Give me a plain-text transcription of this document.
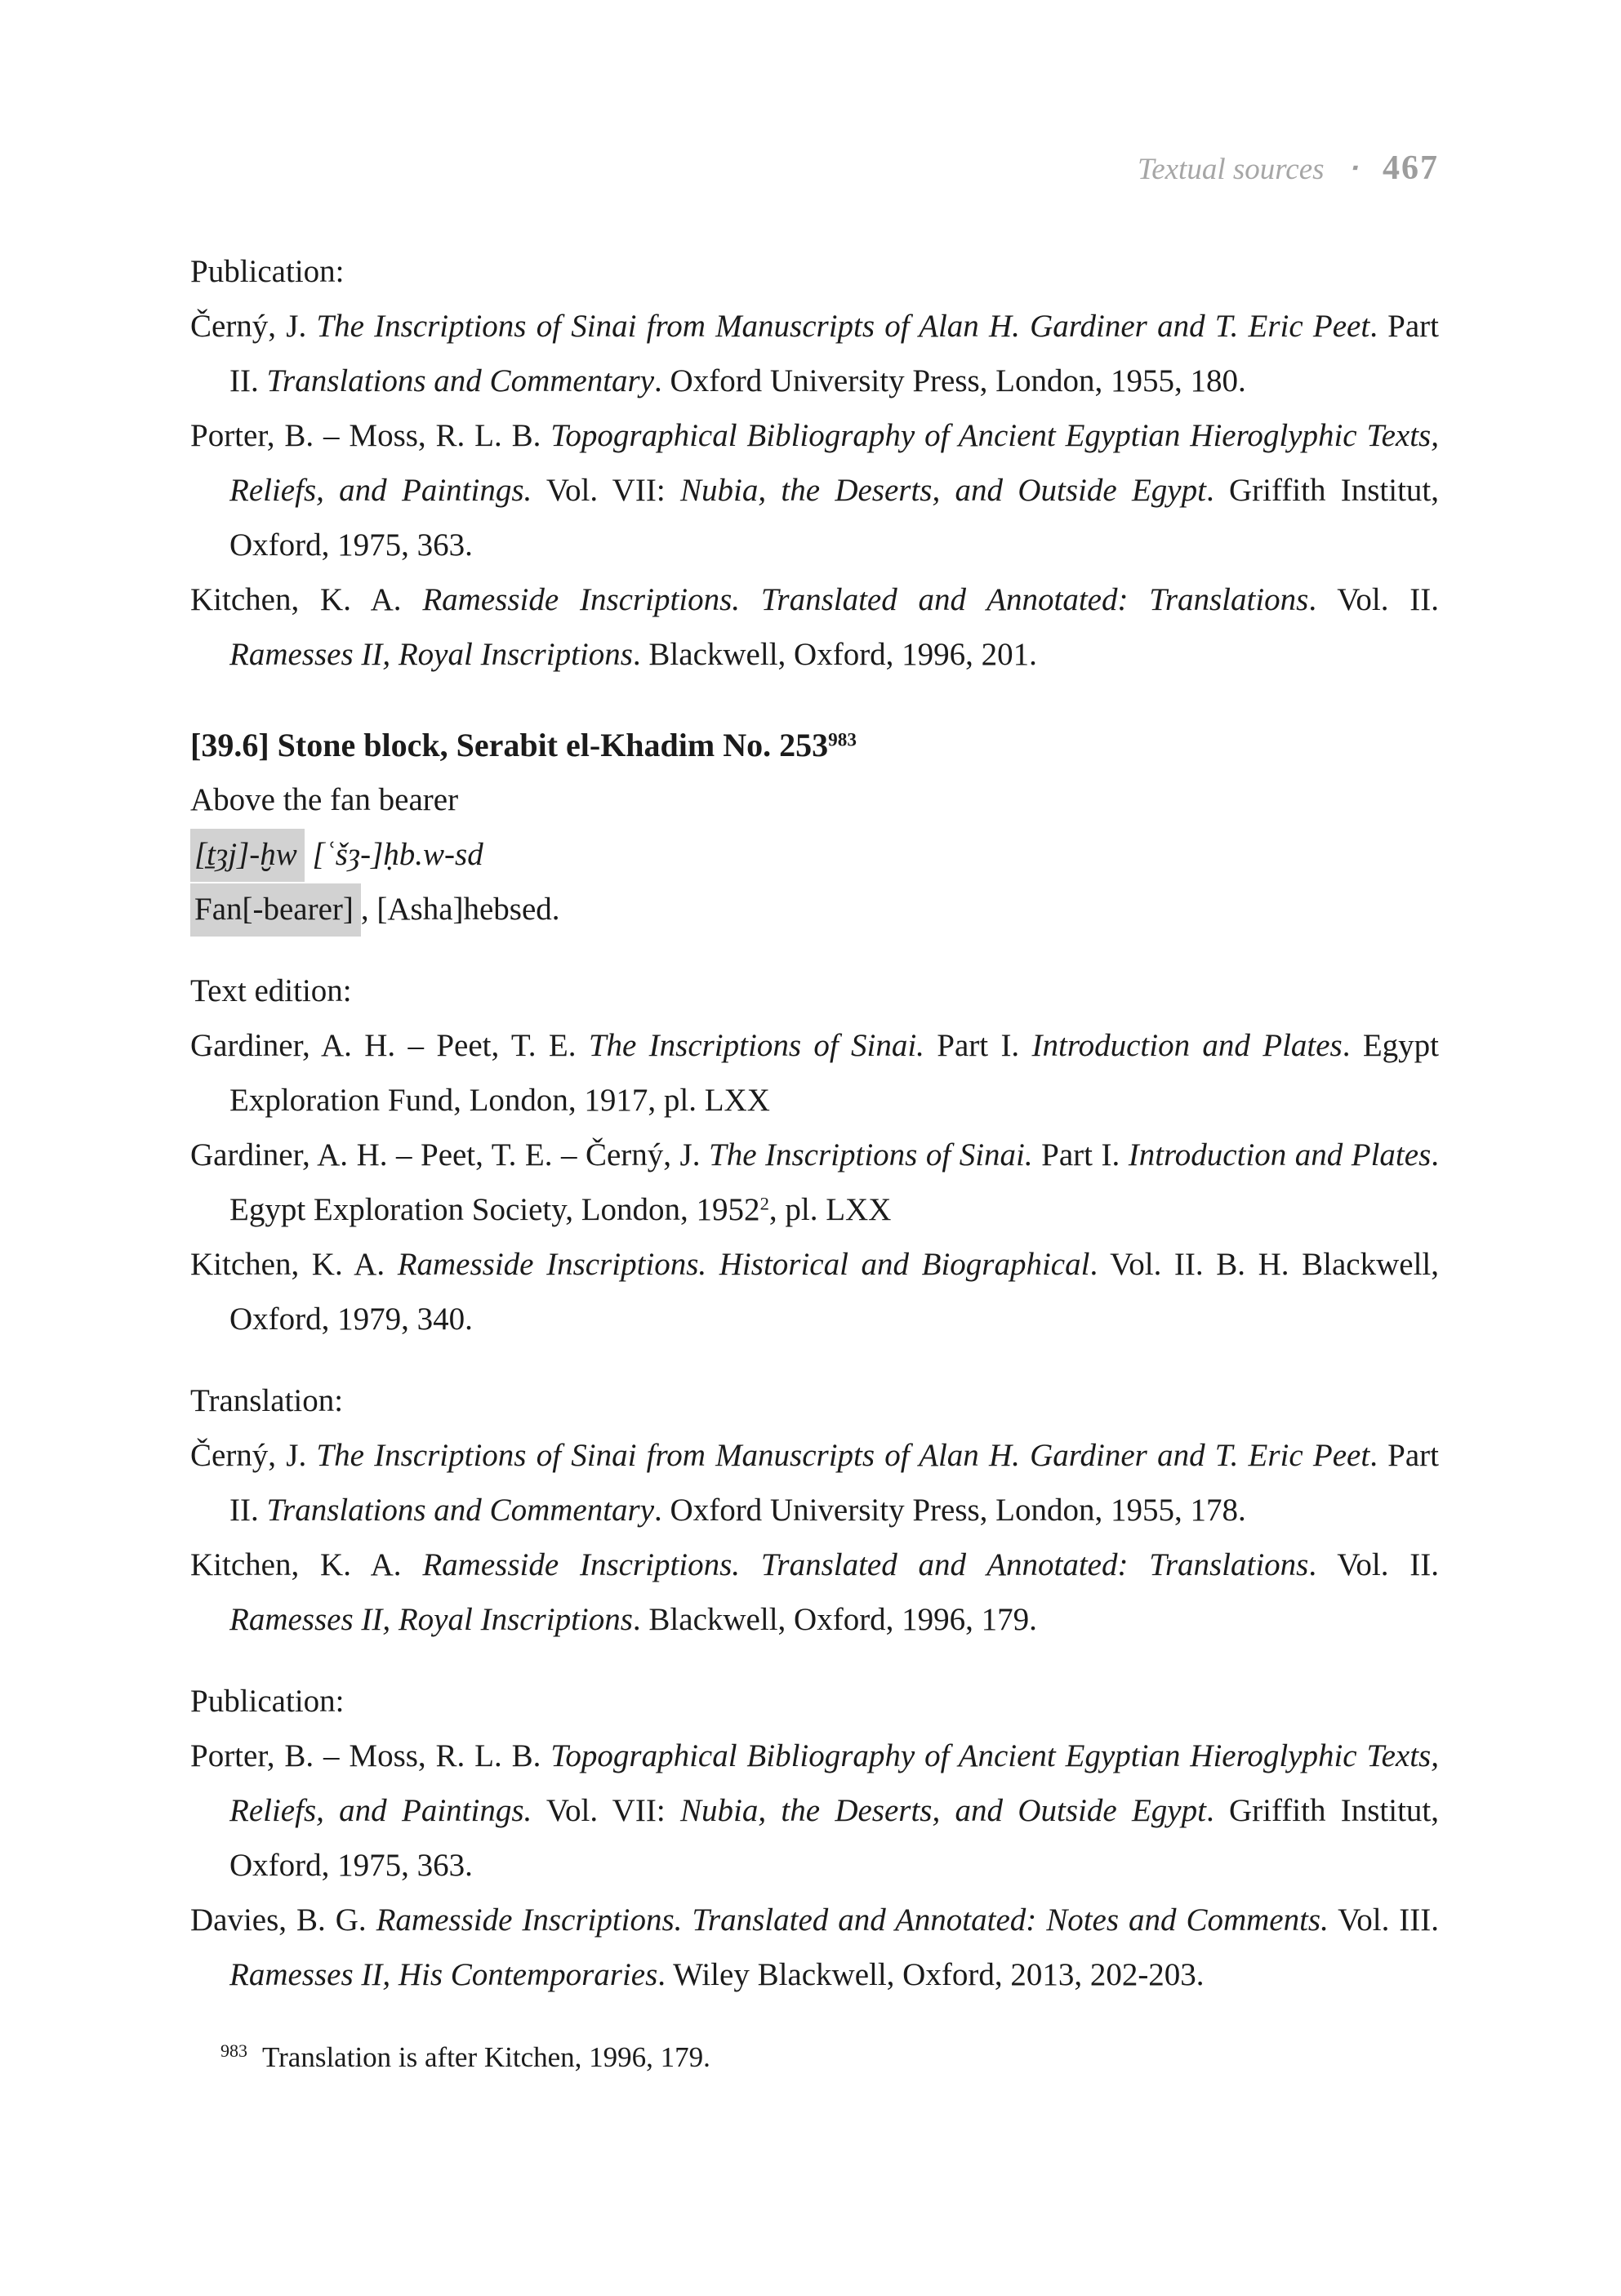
Textual sources ▪ 467

Publication:

Černý, J. The Inscriptions of Sinai from Manuscripts of Alan H. Gardiner and T. Eric Peet. Part II. Translations and Commentary. Oxford University Press, London, 1955, 180.

Porter, B. – Moss, R. L. B. Topographical Bibliography of Ancient Egyptian Hieroglyphic Texts, Reliefs, and Paintings. Vol. VII: Nubia, the Deserts, and Outside Egypt. Griffith Institut, Oxford, 1975, 363.

Kitchen, K. A. Ramesside Inscriptions. Translated and Annotated: Translations. Vol. II. Ramesses II, Royal Inscriptions. Blackwell, Oxford, 1996, 201.

[39.6] Stone block, Serabit el-Khadim No. $253^{983}$

Above the fan bearer

[ṯȝj]-ḫw [ʿšȝ-]ḥb.w-sd

Fan[-bearer] , [Asha]hebsed.

Text edition:

Gardiner, A. H. – Peet, T. E. The Inscriptions of Sinai. Part I. Introduction and Plates. Egypt Exploration Fund, London, 1917, pl. LXX

Gardiner, A. H. – Peet, T. E. – Černý, J. The Inscriptions of Sinai. Part I. Introduction and Plates. Egypt Exploration Society, London, 1952$^2$, pl. LXX

Kitchen, K. A. Ramesside Inscriptions. Historical and Biographical. Vol. II. B. H. Blackwell, Oxford, 1979, 340.

Translation:

Černý, J. The Inscriptions of Sinai from Manuscripts of Alan H. Gardiner and T. Eric Peet. Part II. Translations and Commentary. Oxford University Press, London, 1955, 178.

Kitchen, K. A. Ramesside Inscriptions. Translated and Annotated: Translations. Vol. II. Ramesses II, Royal Inscriptions. Blackwell, Oxford, 1996, 179.

Publication:

Porter, B. – Moss, R. L. B. Topographical Bibliography of Ancient Egyptian Hieroglyphic Texts, Reliefs, and Paintings. Vol. VII: Nubia, the Deserts, and Outside Egypt. Griffith Institut, Oxford, 1975, 363.

Davies, B. G. Ramesside Inscriptions. Translated and Annotated: Notes and Comments. Vol. III. Ramesses II, His Contemporaries. Wiley Blackwell, Oxford, 2013, 202-203.

$^{983}$ Translation is after Kitchen, 1996, 179.
